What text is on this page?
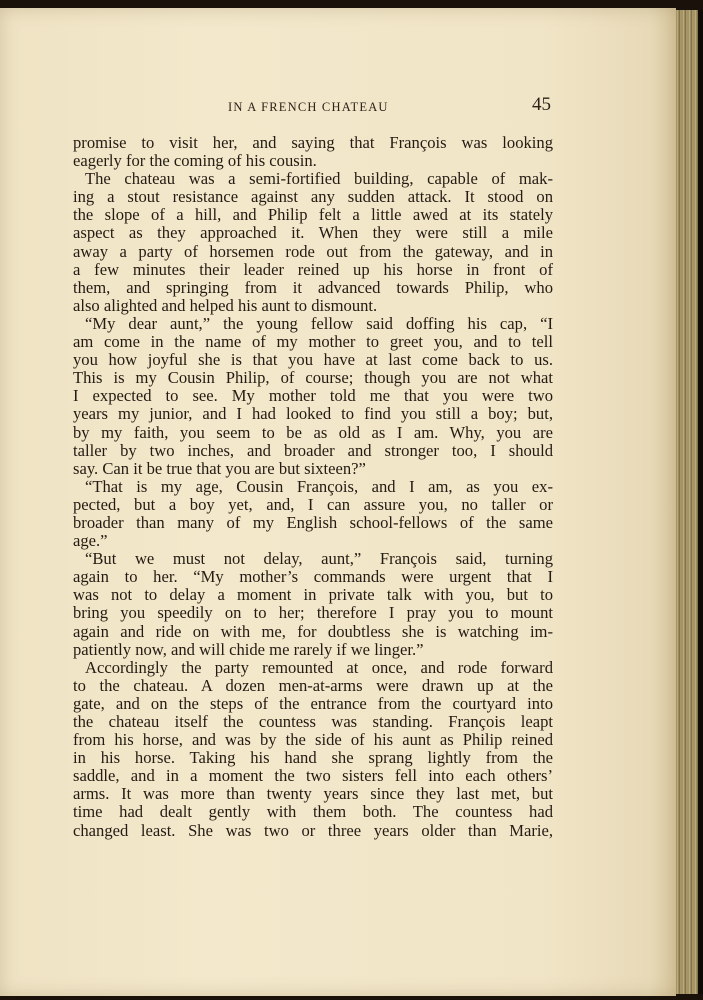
IN A FRENCH CHATEAU	45
promise to visit her, and saying that François was looking
eagerly for the coming of his cousin.
The chateau was a semi-fortified building, capable of mak-
ing a stout resistance against any sudden attack. It stood on
the slope of a hill, and Philip felt a little awed at its stately
aspect as they approached it. When they were still a mile
away a party of horsemen rode out from the gateway, and in
a few minutes their leader reined up his horse in front of
them, and springing from it advanced towards Philip, who
also alighted and helped his aunt to dismount.
“My dear aunt,” the young fellow said doffing his cap, “I
am come in the name of my mother to greet you, and to tell
you how joyful she is that you have at last come back to us.
This is my Cousin Philip, of course; though you are not what
I expected to see. My mother told me that you were two
years my junior, and I had looked to find you still a boy; but,
by my faith, you seem to be as old as I am. Why, you are
taller by two inches, and broader and stronger too, I should
say. Can it be true that you are but sixteen?”
“That is my age, Cousin François, and I am, as you ex-
pected, but a boy yet, and, I can assure you, no taller or
broader than many of my English school-fellows of the same
age.”
“But we must not delay, aunt,” François said, turning
again to her. “My mother’s commands were urgent that I
was not to delay a moment in private talk with you, but to
bring you speedily on to her; therefore I pray you to mount
again and ride on with me, for doubtless she is watching im-
patiently now, and will chide me rarely if we linger.”
Accordingly the party remounted at once, and rode forward
to the chateau. A dozen men-at-arms were drawn up at the
gate, and on the steps of the entrance from the courtyard into
the chateau itself the countess was standing. François leapt
from his horse, and was by the side of his aunt as Philip reined
in his horse. Taking his hand she sprang lightly from the
saddle, and in a moment the two sisters fell into each others’
arms. It was more than twenty years since they last met, but
time had dealt gently with them both. The countess had
changed least. She was two or three years older than Marie,
